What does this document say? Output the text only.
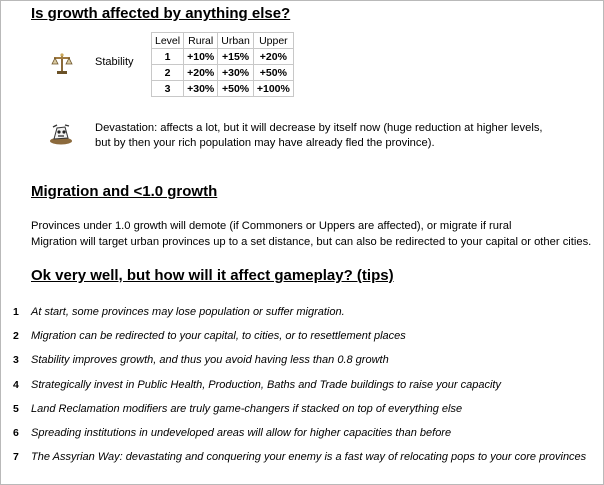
Is growth affected by anything else?
Stability
Level	Rural	Urban	Upper
1	+10%	+15%	+20%
2	+20%	+30%	+50%
3	+30%	+50%	+100%
Devastation: affects a lot, but it will decrease by itself now (huge reduction at higher levels,
but by then your rich population may have already fled the province).
Migration and <1.0 growth
Provinces under 1.0 growth will demote (if Commoners or Uppers are affected), or migrate if rural
Migration will target urban provinces up to a set distance, but can also be redirected to your capital or other cities.
Ok very well, but how will it affect gameplay? (tips)
1 At start, some provinces may lose population or suffer migration.
2 Migration can be redirected to your capital, to cities, or to resettlement places
3 Stability improves growth, and thus you avoid having less than 0.8 growth
4 Strategically invest in Public Health, Production, Baths and Trade buildings to raise your capacity
5 Land Reclamation modifiers are truly game-changers if stacked on top of everything else
6 Spreading institutions in undeveloped areas will allow for higher capacities than before
7 The Assyrian Way: devastating and conquering your enemy is a fast way of relocating pops to your core provinces
